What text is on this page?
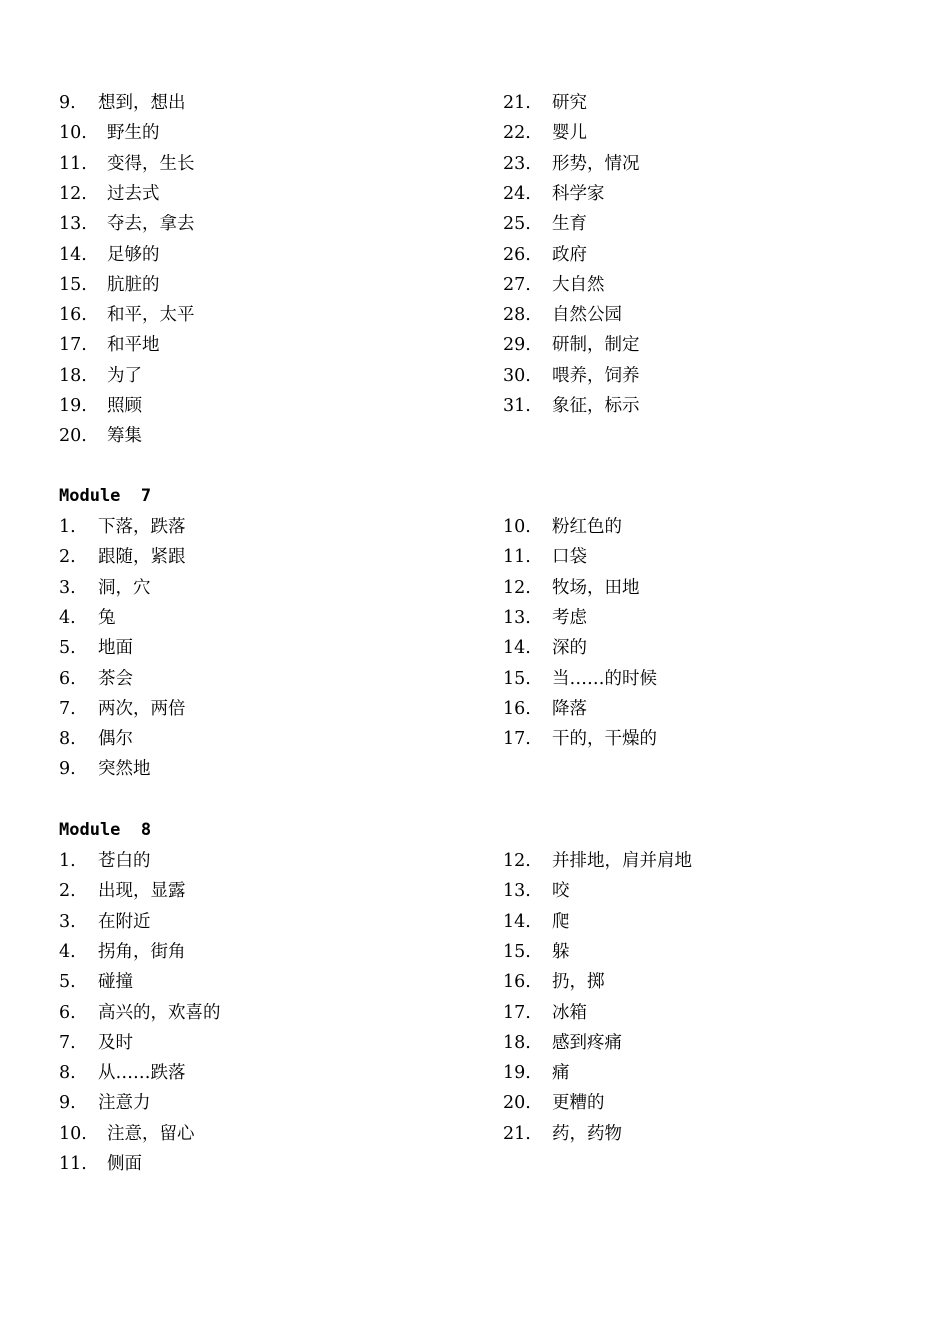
9. 想到，想出
10. 野生的
11. 变得，生长
12. 过去式
13. 夺去，拿去
14. 足够的
15. 肮脏的
16. 和平，太平
17. 和平地
18. 为了
19. 照顾
20. 筹集
21. 研究
22. 婴儿
23. 形势，情况
24. 科学家
25. 生育
26. 政府
27. 大自然
28. 自然公园
29. 研制，制定
30. 喂养，饲养
31. 象征，标示
Module  7
1. 下落，跌落
2. 跟随，紧跟
3. 洞，穴
4. 兔
5. 地面
6. 茶会
7. 两次，两倍
8. 偶尔
9. 突然地
10. 粉红色的
11. 口袋
12. 牧场，田地
13. 考虑
14. 深的
15. 当……的时候
16. 降落
17. 干的，干燥的
Module  8
1. 苍白的
2. 出现，显露
3. 在附近
4. 拐角，街角
5. 碰撞
6. 高兴的，欢喜的
7. 及时
8. 从……跌落
9. 注意力
10. 注意，留心
11. 侧面
12. 并排地，肩并肩地
13. 咬
14. 爬
15. 躲
16. 扔，掷
17. 冰箱
18. 感到疼痛
19. 痛
20. 更糟的
21. 药，药物
